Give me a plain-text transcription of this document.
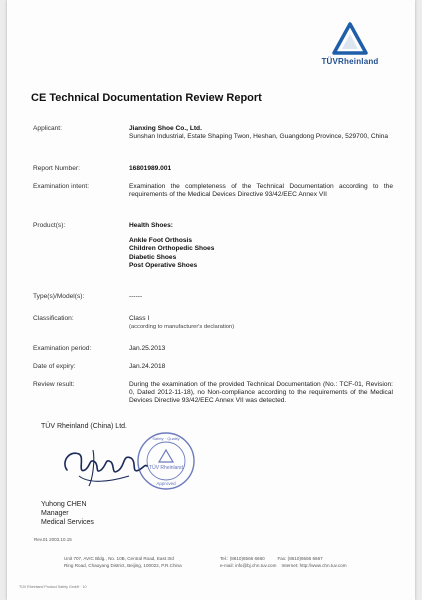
TÜVRheinland
CE Technical Documentation Review Report
Applicant:	Jianxing Shoe Co., Ltd.
Sunshan Industrial, Estate Shaping Twon, Heshan, Guangdong Province, 529700, China
Report Number:	16801989.001
Examination intent:	Examination the completeness of the Technical Documentation according to the requirements of the Medical Devices Directive 93/42/EEC Annex VII
Product(s):	Health Shoes:
Ankle Foot Orthosis
Children Orthopedic Shoes
Diabetic Shoes
Post Operative Shoes
Type(s)/Model(s):	------
Classification:	Class I
(according to manufacturer's declaration)
Examination period:	Jan.25.2013
Date of expiry:	Jan.24.2018
Review result:	During the examination of the provided Technical Documentation (No.: TCF-01, Revision: 0, Dated 2012-11-18), no Non-compliance according to the requirements of the Medical Devices Directive 93/42/EEC Annex VII was detected.
TÜV Rheinland (China) Ltd.
TÜV Rheinland
Safety · Quality
Approved
Yuhong CHEN
Manager
Medical Services
Rev.01 2003.10.15
Unit 707, AVIC Bldg., No. 10B, Central Road, East 3rd
Ring Road, Chaoyang District, Beijing, 100022, P.R.China
Tel.: (8610)6566 6660	Fax: (8610)6566 6667
e-mail: info@bj.chn.tuv.com Internet: http://www.chn.tuv.com
TÜV Rheinland Product Safety GmbH · 10
